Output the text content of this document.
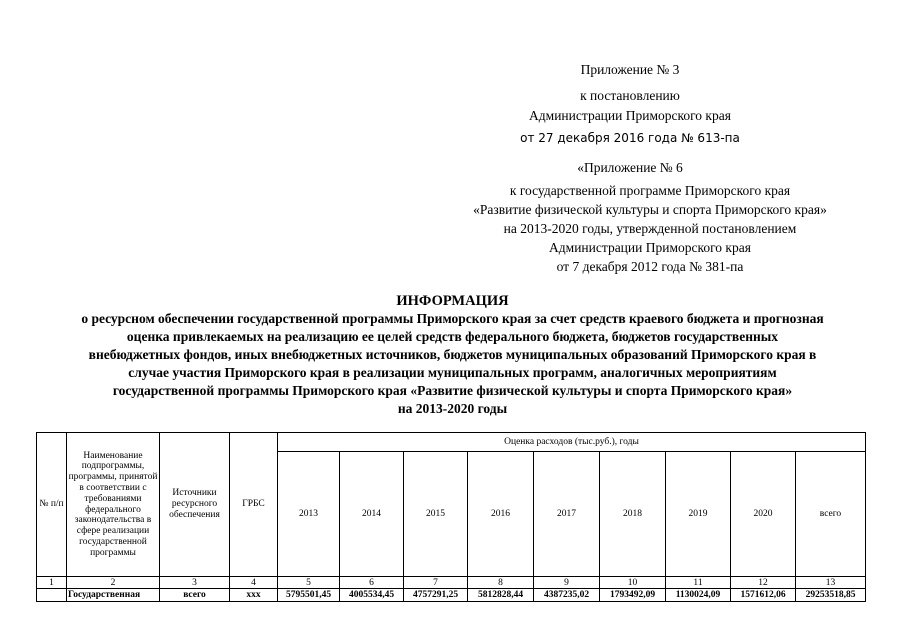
Приложение № 3
к постановлению
Администрации Приморского края
от 27 декабря 2016 года № 613-па
«Приложение № 6
к государственной программе Приморского края
«Развитие физической культуры и спорта Приморского края»
на 2013-2020 годы, утвержденной постановлением
Администрации Приморского края
от 7 декабря 2012 года № 381-па
ИНФОРМАЦИЯ
о ресурсном обеспечении государственной программы Приморского края за счет средств краевого бюджета и прогнозная
оценка привлекаемых на реализацию ее целей средств федерального бюджета, бюджетов государственных
внебюджетных фондов, иных внебюджетных источников, бюджетов муниципальных образований Приморского края в
случае участия Приморского края в реализации муниципальных программ, аналогичных мероприятиям
государственной программы Приморского края «Развитие физической культуры и спорта Приморского края»
на 2013-2020 годы
№ п/п	Наименование подпрограммы, программы, принятой в соответствии с требованиями федерального законодательства в сфере реализации государственной программы	Источники ресурсного обеспечения	ГРБС	Оценка расходов (тыс.руб.), годы								
				2013	2014	2015	2016	2017	2018	2019	2020	всего
1	2	3	4	5	6	7	8	9	10	11	12	13
	Государственная	всего	xxx	5795501,45	4005534,45	4757291,25	5812828,44	4387235,02	1793492,09	1130024,09	1571612,06	29253518,85
